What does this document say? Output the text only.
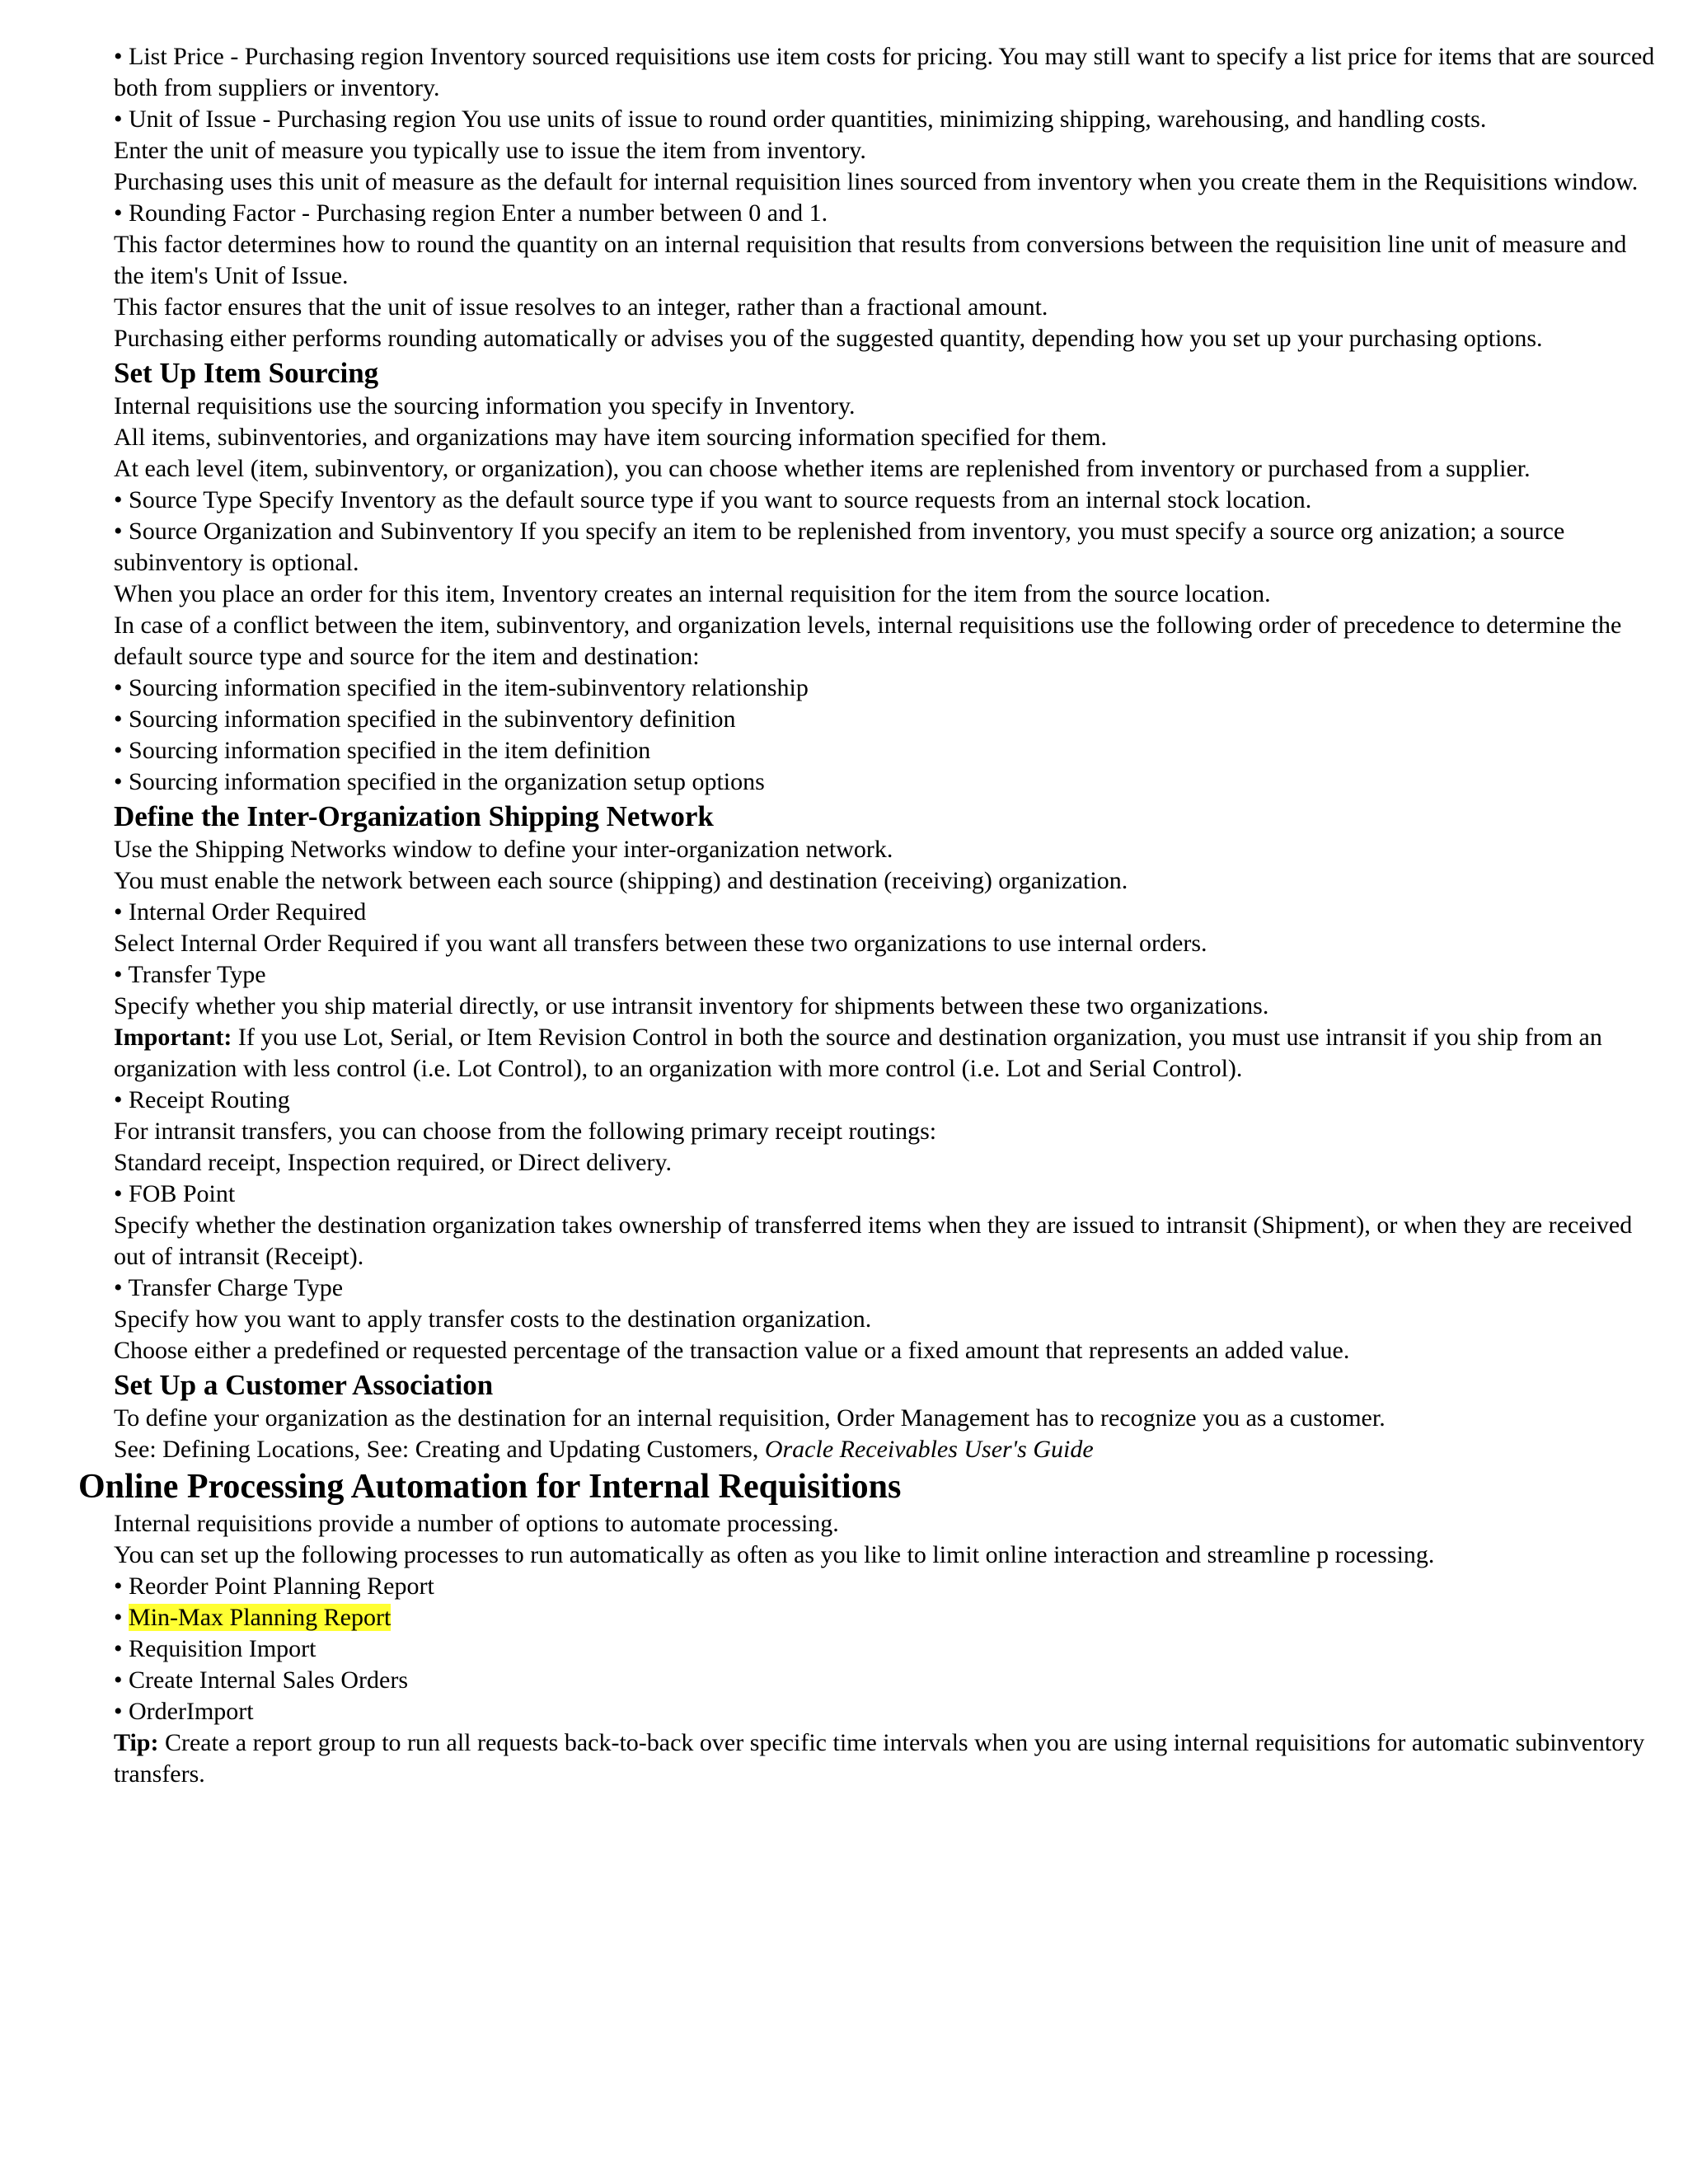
• List Price - Purchasing region Inventory sourced requisitions use item costs for pricing. You may still want to specify a list price for items that are sourced both from suppliers or inventory.

• Unit of Issue - Purchasing region You use units of issue to round order quantities, minimizing shipping, warehousing, and handling costs.

Enter the unit of measure you typically use to issue the item from inventory.

Purchasing uses this unit of measure as the default for internal requisition lines sourced from inventory when you create them in the Requisitions window.

• Rounding Factor - Purchasing region Enter a number between 0 and 1.

This factor determines how to round the quantity on an internal requisition that results from conversions between the requisition line unit of measure and the item's Unit of Issue.

This factor ensures that the unit of issue resolves to an integer, rather than a fractional amount.

Purchasing either performs rounding automatically or advises you of the suggested quantity, depending how you set up your purchasing options.

Set Up Item Sourcing

Internal requisitions use the sourcing information you specify in Inventory.

All items, subinventories, and organizations may have item sourcing information specified for them.

At each level (item, subinventory, or organization), you can choose whether items are replenished from inventory or purchased from a supplier.

• Source Type Specify Inventory as the default source type if you want to source requests from an internal stock location.

• Source Organization and Subinventory If you specify an item to be replenished from inventory, you must specify a source org anization; a source subinventory is optional.

When you place an order for this item, Inventory creates an internal requisition for the item from the source location.

In case of a conflict between the item, subinventory, and organization levels, internal requisitions use the following order of precedence to determine the default source type and source for the item and destination:

• Sourcing information specified in the item-subinventory relationship

• Sourcing information specified in the subinventory definition

• Sourcing information specified in the item definition

• Sourcing information specified in the organization setup options

Define the Inter-Organization Shipping Network

Use the Shipping Networks window to define your inter-organization network.

You must enable the network between each source (shipping) and destination (receiving) organization.

• Internal Order Required

Select Internal Order Required if you want all transfers between these two organizations to use internal orders.

• Transfer Type

Specify whether you ship material directly, or use intransit inventory for shipments between these two organizations.

Important: If you use Lot, Serial, or Item Revision Control in both the source and destination organization, you must use intransit if you ship from an organization with less control (i.e. Lot Control), to an organization with more control (i.e. Lot and Serial Control).

• Receipt Routing

For intransit transfers, you can choose from the following primary receipt routings:

Standard receipt, Inspection required, or Direct delivery.

• FOB Point

Specify whether the destination organization takes ownership of transferred items when they are issued to intransit (Shipment), or when they are received out of intransit (Receipt).

• Transfer Charge Type

Specify how you want to apply transfer costs to the destination organization.

Choose either a predefined or requested percentage of the transaction value or a fixed amount that represents an added value.

Set Up a Customer Association

To define your organization as the destination for an internal requisition, Order Management has to recognize you as a customer.

See: Defining Locations, See: Creating and Updating Customers, Oracle Receivables User's Guide

Online Processing Automation for Internal Requisitions

Internal requisitions provide a number of options to automate processing.

You can set up the following processes to run automatically as often as you like to limit online interaction and streamline p rocessing.

• Reorder Point Planning Report

• Min-Max Planning Report

• Requisition Import

• Create Internal Sales Orders

• OrderImport

Tip: Create a report group to run all requests back-to-back over specific time intervals when you are using internal requisitions for automatic subinventory transfers.
